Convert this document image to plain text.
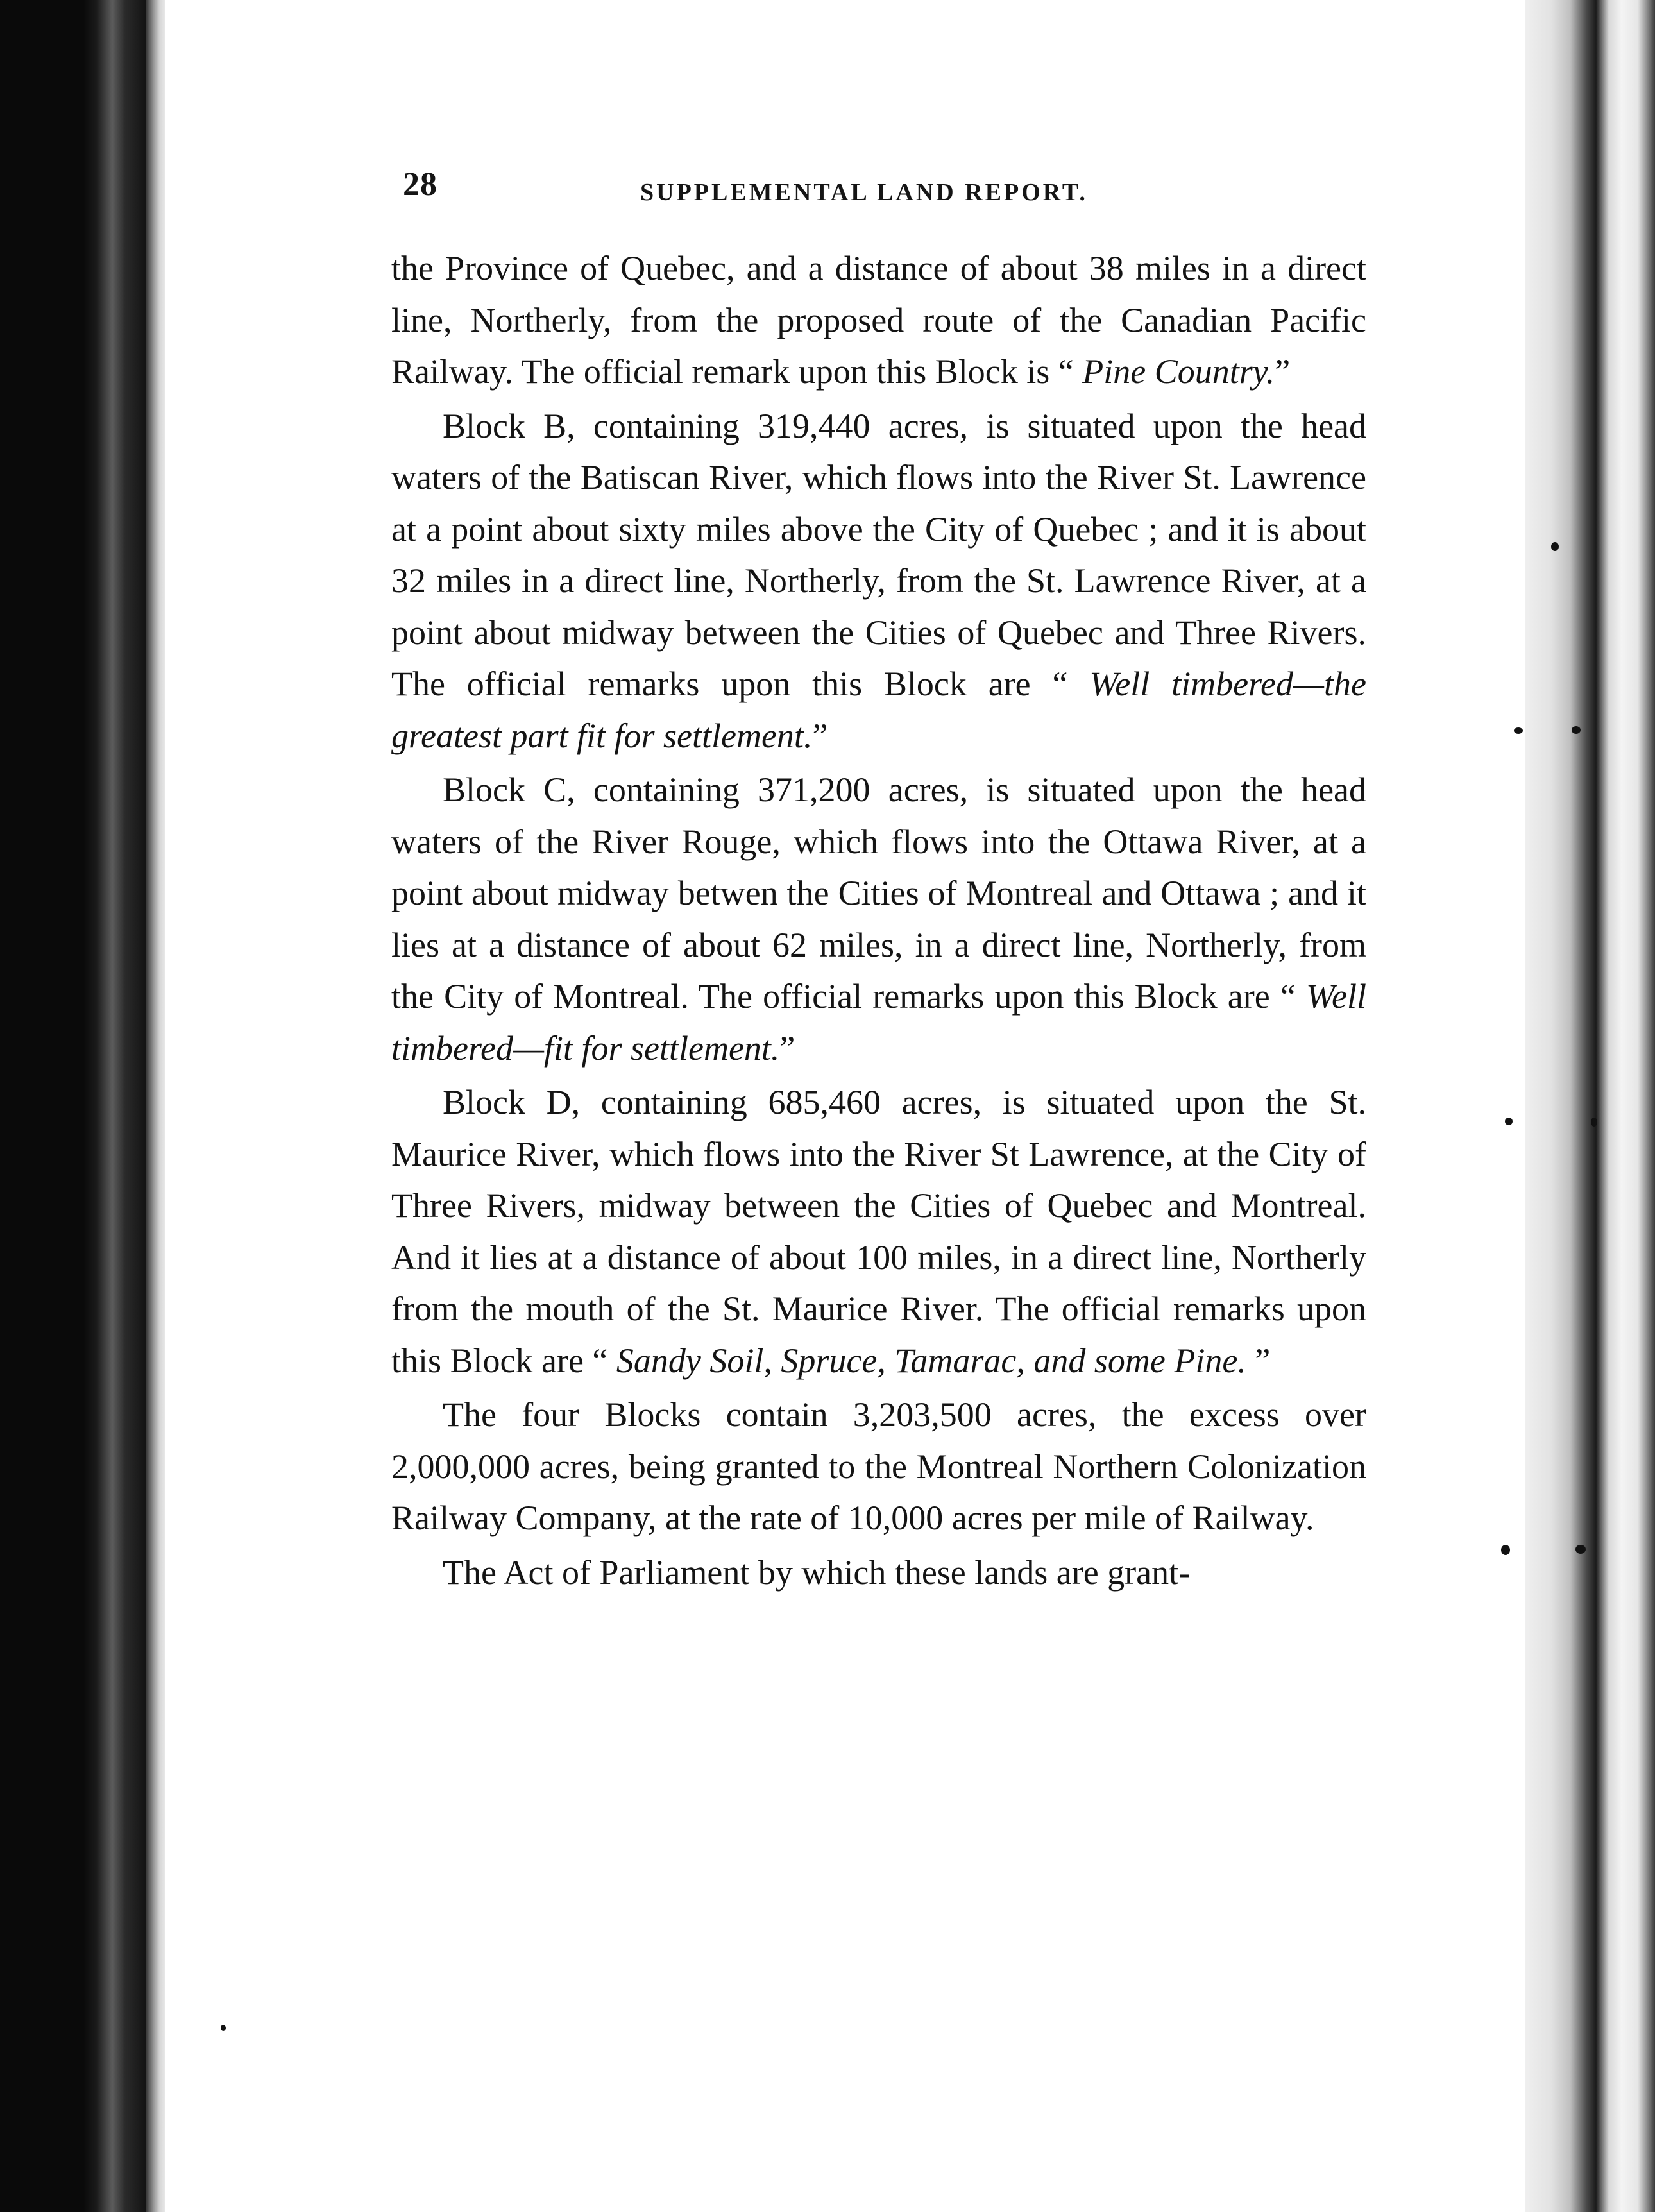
28	SUPPLEMENTAL LAND REPORT.

the Province of Quebec, and a distance of about 38 miles in a direct line, Northerly, from the proposed route of the Canadian Pacific Railway. The official remark upon this Block is “ Pine Country.”

Block B, containing 319,440 acres, is situated upon the head waters of the Batiscan River, which flows into the River St. Lawrence at a point about sixty miles above the City of Quebec ; and it is about 32 miles in a direct line, Northerly, from the St. Lawrence River, at a point about midway between the Cities of Quebec and Three Rivers. The official remarks upon this Block are “ Well timbered—the greatest part fit for settlement.”

Block C, containing 371,200 acres, is situated upon the head waters of the River Rouge, which flows into the Ottawa River, at a point about midway betwen the Cities of Montreal and Ottawa ; and it lies at a distance of about 62 miles, in a direct line, Northerly, from the City of Montreal. The official remarks upon this Block are “ Well timbered—fit for settlement.”

Block D, containing 685,460 acres, is situated upon the St. Maurice River, which flows into the River St Lawrence, at the City of Three Rivers, midway between the Cities of Quebec and Montreal. And it lies at a distance of about 100 miles, in a direct line, Northerly from the mouth of the St. Maurice River. The official remarks upon this Block are “ Sandy Soil, Spruce, Tamarac, and some Pine. ”

The four Blocks contain 3,203,500 acres, the excess over 2,000,000 acres, being granted to the Montreal Northern Colonization Railway Company, at the rate of 10,000 acres per mile of Railway.

The Act of Parliament by which these lands are grant-
